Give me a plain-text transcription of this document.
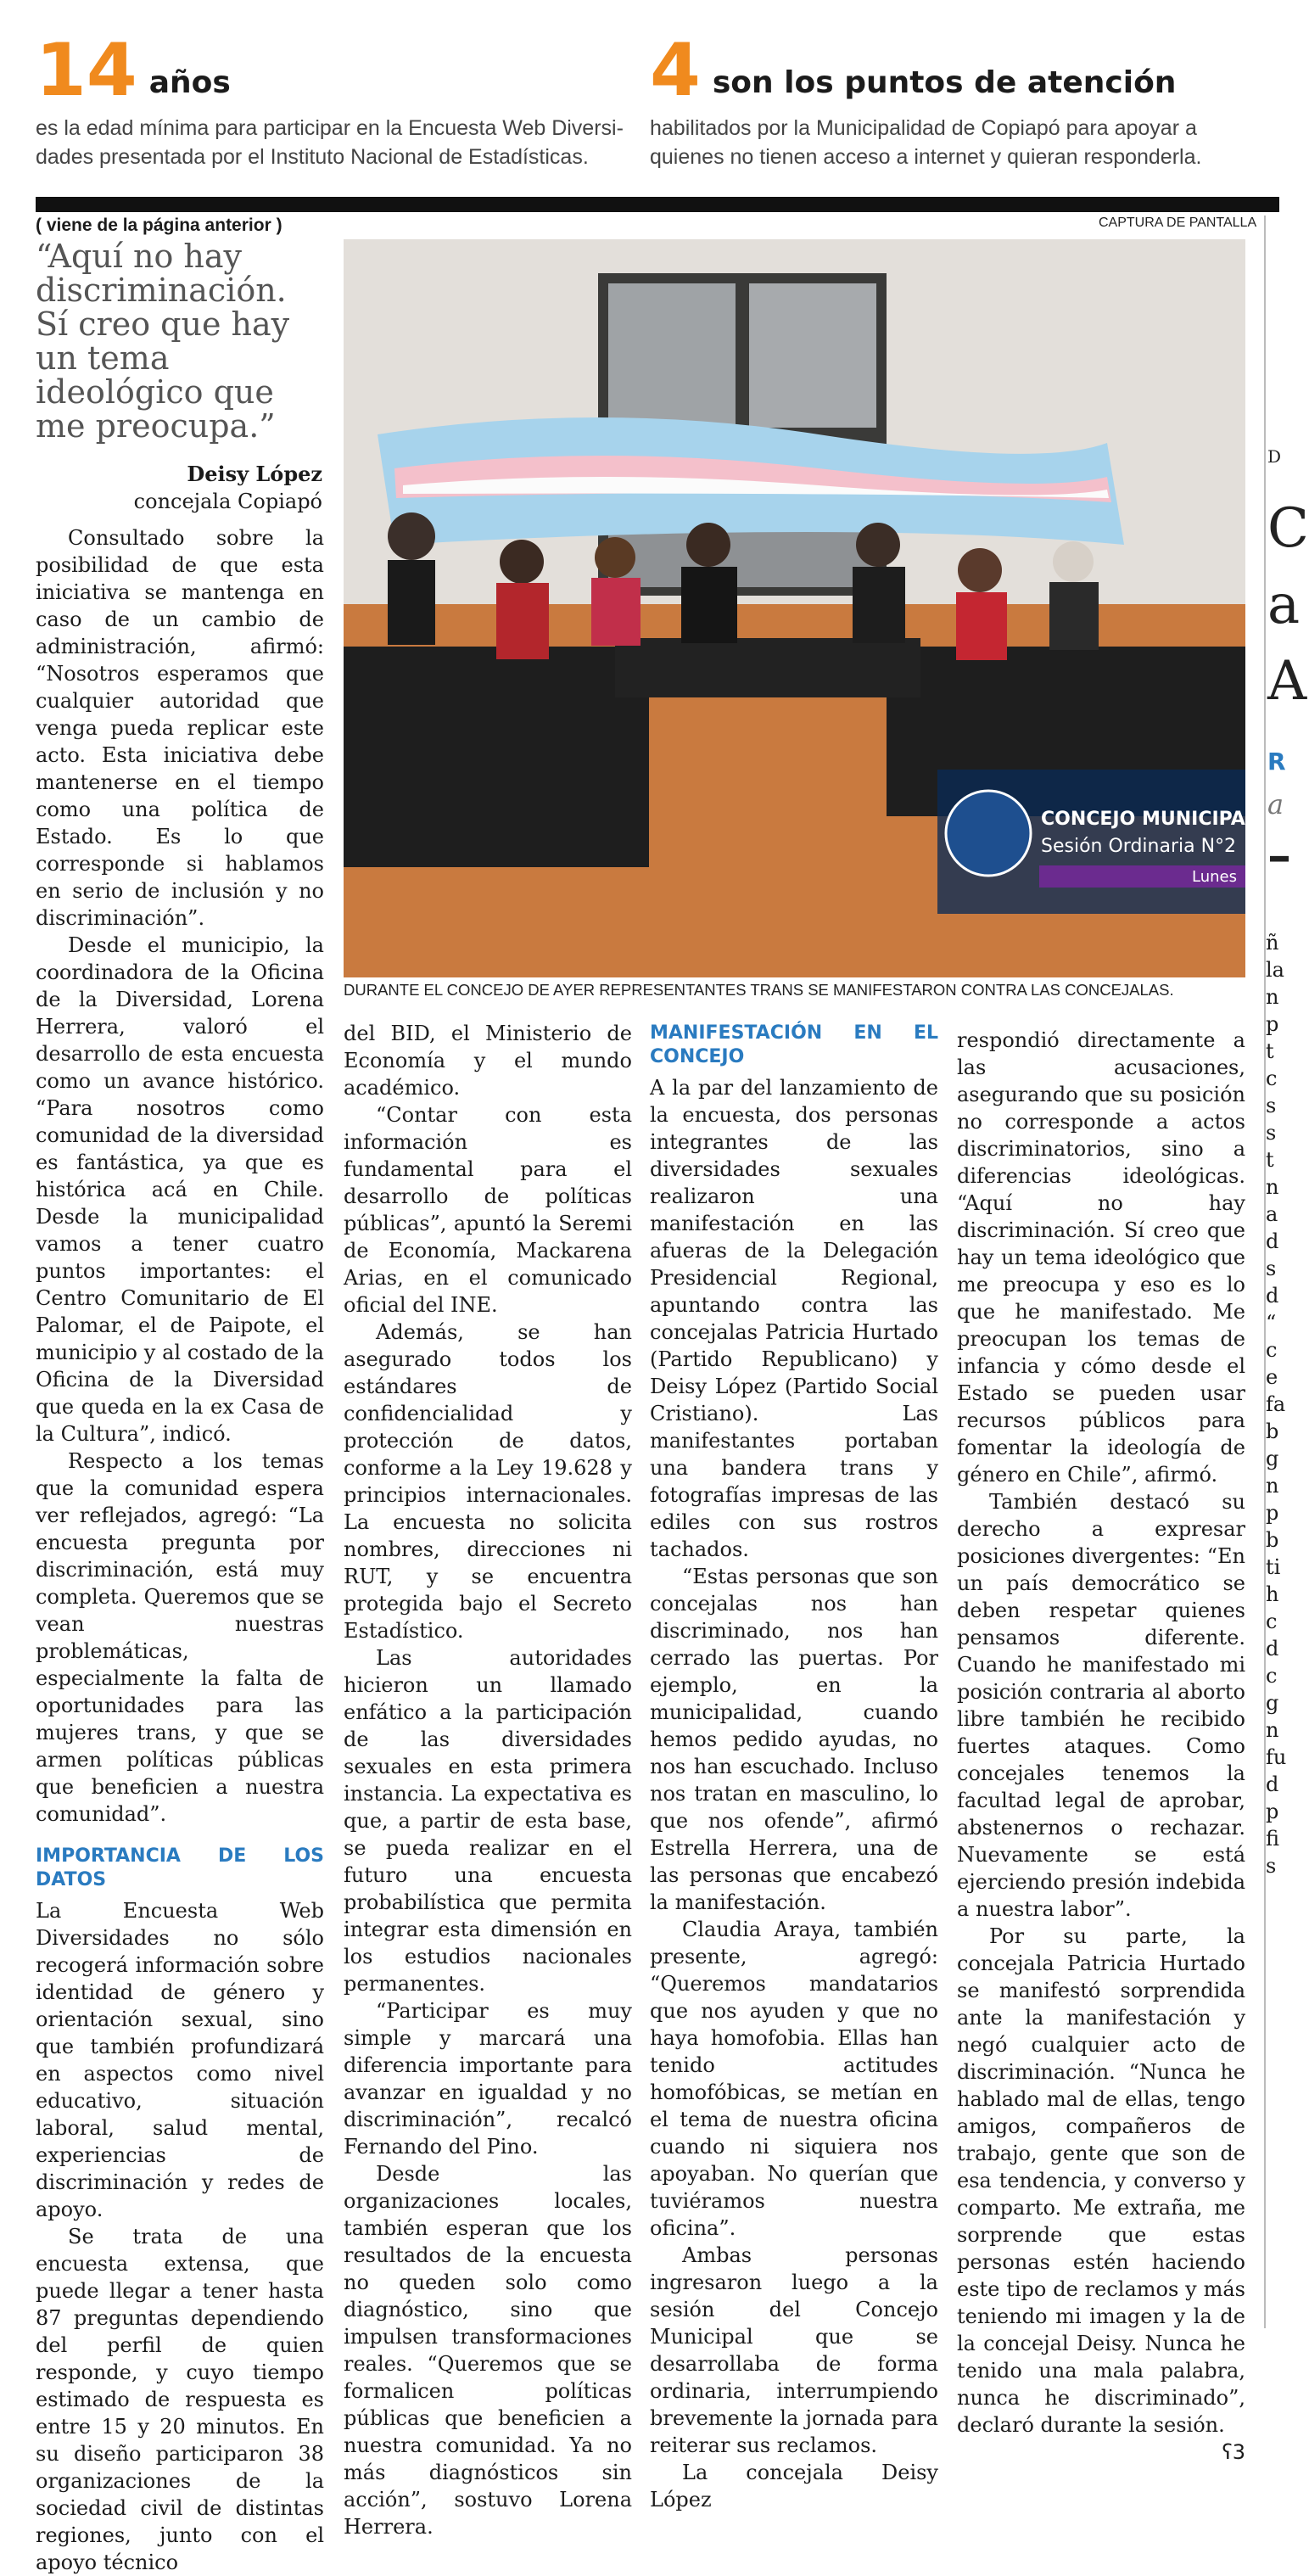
14 años
es la edad mínima para participar en la Encuesta Web Diversi-
dades presentada por el Instituto Nacional de Estadísticas.
4 son los puntos de atención
habilitados por la Municipalidad de Copiapó para apoyar a
quienes no tienen acceso a internet y quieran responderla.
( viene de la página anterior )
“Aquí no hay discriminación. Sí creo que hay un tema ideológico que me preocupa.”
Deisy López
concejala Copiapó
CAPTURA DE PANTALLA
CONCEJO MUNICIPAL
Sesión Ordinaria N°2
Lunes
DURANTE EL CONCEJO DE AYER REPRESENTANTES TRANS SE MANIFESTARON CONTRA LAS CONCEJALAS.

Consultado sobre la posibilidad de que esta iniciativa se mantenga en caso de un cambio de administración, afirmó: “Nosotros esperamos que cualquier autoridad que venga pueda replicar este acto. Esta iniciativa debe mantenerse en el tiempo como una política de Estado. Es lo que corresponde si hablamos en serio de inclusión y no discriminación”.

Desde el municipio, la coordinadora de la Oficina de la Diversidad, Lorena Herrera, valoró el desarrollo de esta encuesta como un avance histórico. “Para nosotros como comunidad de la diversidad es fantástica, ya que es histórica acá en Chile. Desde la municipalidad vamos a tener cuatro puntos importantes: el Centro Comunitario de El Palomar, el de Paipote, el municipio y al costado de la Oficina de la Diversidad que queda en la ex Casa de la Cultura”, indicó.

Respecto a los temas que la comunidad espera ver reflejados, agregó: “La encuesta pregunta por discriminación, está muy completa. Queremos que se vean nuestras problemáticas, especialmente la falta de oportunidades para las mujeres trans, y que se armen políticas públicas que beneficien a nuestra comunidad”.

IMPORTANCIA DE LOS DATOS

La Encuesta Web Diversidades no sólo recogerá información sobre identidad de género y orientación sexual, sino que también profundizará en aspectos como nivel educativo, situación laboral, salud mental, experiencias de discriminación y redes de apoyo.

Se trata de una encuesta extensa, que puede llegar a tener hasta 87 preguntas dependiendo del perfil de quien responde, y cuyo tiempo estimado de respuesta es entre 15 y 20 minutos. En su diseño participaron 38 organizaciones de la sociedad civil de distintas regiones, junto con el apoyo técnico

del BID, el Ministerio de Economía y el mundo académico.

“Contar con esta información es fundamental para el desarrollo de políticas públicas”, apuntó la Seremi de Economía, Mackarena Arias, en el comunicado oficial del INE.

Además, se han asegurado todos los estándares de confidencialidad y protección de datos, conforme a la Ley 19.628 y principios internacionales. La encuesta no solicita nombres, direcciones ni RUT, y se encuentra protegida bajo el Secreto Estadístico.

Las autoridades hicieron un llamado enfático a la participación de las diversidades sexuales en esta primera instancia. La expectativa es que, a partir de esta base, se pueda realizar en el futuro una encuesta probabilística que permita integrar esta dimensión en los estudios nacionales permanentes.

“Participar es muy simple y marcará una diferencia importante para avanzar en igualdad y no discriminación”, recalcó Fernando del Pino.

Desde las organizaciones locales, también esperan que los resultados de la encuesta no queden solo como diagnóstico, sino que impulsen transformaciones reales. “Queremos que se formalicen políticas públicas que beneficien a nuestra comunidad. Ya no más diagnósticos sin acción”, sostuvo Lorena Herrera.

MANIFESTACIÓN EN EL CONCEJO

A la par del lanzamiento de la encuesta, dos personas integrantes de las diversidades sexuales realizaron una manifestación en las afueras de la Delegación Presidencial Regional, apuntando contra las concejalas Patricia Hurtado (Partido Republicano) y Deisy López (Partido Social Cristiano). Las manifestantes portaban una bandera trans y fotografías impresas de las ediles con sus rostros tachados.

“Estas personas que son concejalas nos han discriminado, nos han cerrado las puertas. Por ejemplo, en la municipalidad, cuando hemos pedido ayudas, no nos han escuchado. Incluso nos tratan en masculino, lo que nos ofende”, afirmó Estrella Herrera, una de las personas que encabezó la manifestación.

Claudia Araya, también presente, agregó: “Queremos mandatarios que nos ayuden y que no haya homofobia. Ellas han tenido actitudes homofóbicas, se metían en el tema de nuestra oficina cuando ni siquiera nos apoyaban. No querían que tuviéramos nuestra oficina”.

Ambas personas ingresaron luego a la sesión del Concejo Municipal que se desarrollaba de forma ordinaria, interrumpiendo brevemente la jornada para reiterar sus reclamos.

La concejala Deisy López

respondió directamente a las acusaciones, asegurando que su posición no corresponde a actos discriminatorios, sino a diferencias ideológicas. “Aquí no hay discriminación. Sí creo que hay un tema ideológico que me preocupa y eso es lo que he manifestado. Me preocupan los temas de infancia y cómo desde el Estado se pueden usar recursos públicos para fomentar la ideología de género en Chile”, afirmó.

También destacó su derecho a expresar posiciones divergentes: “En un país democrático se deben respetar quienes pensamos diferente. Cuando he manifestado mi posición contraria al aborto libre también he recibido fuertes ataques. Como concejales tenemos la facultad legal de aprobar, abstenernos o rechazar. Nuevamente se está ejerciendo presión indebida a nuestra labor”.

Por su parte, la concejala Patricia Hurtado se manifestó sorprendida ante la manifestación y negó cualquier acto de discriminación. “Nunca he hablado mal de ellas, tengo amigos, compañeros de trabajo, gente que son de esa tendencia, y converso y comparto. Me extraña, me sorprende que estas personas estén haciendo este tipo de reclamos y más teniendo mi imagen y la de la concejal Deisy. Nunca he tenido una mala palabra, nunca he discriminado”, declaró durante la sesión.

ʕ3
D
C
a
A
R
a
–
ñ
la
n
p
t
c
s
s
t
n
a
d
s
d
“
c
e
fa
b
g
n
p
b
ti
h
c
d
c
g
n
fu
d
p
fi
s
